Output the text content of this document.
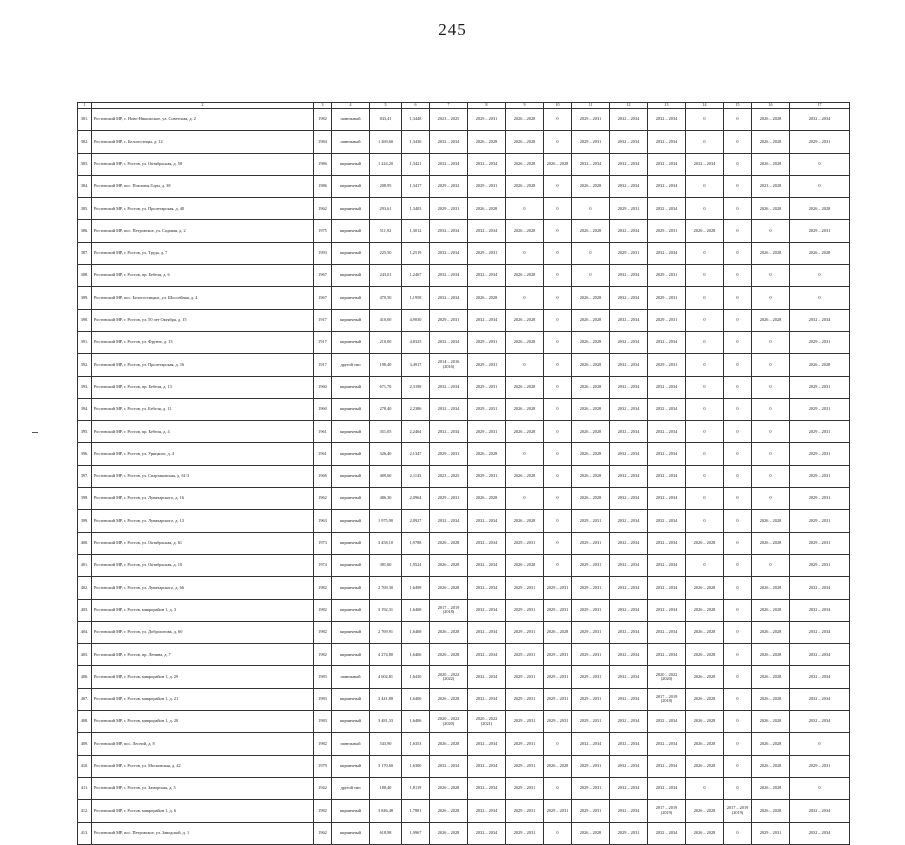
245
1	2	3	4	5	6	7	8	9	10	11	12	13	14	15	16	17
381.	Ростовский МР, с. Ново-Никольское, ул. Советская, д. 2	1982	панельный	843,41	1,3448	2023 – 2025	2029 – 2031	2026 – 2028	0	2029 – 2031	2032 – 2034	2032 – 2034	0	0	2026 – 2028	2032 – 2034
382.	Ростовский МР, с. Белогостицы, д. 12	1984	панельный	1 269,60	1,3436	2032 – 2034	2026 – 2028	2026 – 2028	0	2029 – 2031	2032 – 2034	2032 – 2034	0	0	2026 – 2028	2029 – 2031
383.	Ростовский МР, г. Ростов, ул. Октябрьская, д. 58	1986	кирпичный	1 224,20	1,3421	2032 – 2034	2032 – 2034	2026 – 2028	2026 – 2028	2032 – 2034	2032 – 2034	2032 – 2034	2032 – 2034	0	2026 – 2028	0
384.	Ростовский МР, пос. Поклоны Горы, д. 38	1986	кирпичный	208,95	1,3417	2029 – 2032	2029 – 2031	2026 – 2028	0	2026 – 2028	2032 – 2034	2032 – 2034	0	0	2023 – 2028	0
385.	Ростовский МР, г. Ростов, ул. Пролетарская, д. 40	1962	кирпичный	293,61	1,3403	2029 – 2031	2026 – 2028	0	0	0	2029 – 2031	2032 – 2034	0	0	2026 – 2028	2026 – 2028
386.	Ростовский МР, пос. Петровское, ул. Садовая, д. 2	1975	кирпичный	511,92	1,3012	2032 – 2034	2032 – 2034	2026 – 2028	0	2026 – 2028	2032 – 2034	2029 – 2031	2026 – 2028	0	0	2029 – 2031
387.	Ростовский МР, г. Ростов, ул. Труда, д. 7	1993	кирпичный	225,50	1,2519	2032 – 2034	2029 – 2031	0	0	0	2029 – 2031	2032 – 2034	0	0	2026 – 2028	2026 – 2028
388.	Ростовский МР, г. Ростов, пр. Бебеля, д. 6	1967	кирпичный	243,01	1,2467	2032 – 2034	2032 – 2034	2026 – 2028	0	0	2032 – 2034	2029 – 2031	0	0	0	0
389.	Ростовский МР, пос. Белогостицкое, ул. Шоссейная, д. 4	1967	кирпичный	470,50	1,1958	2032 – 2034	2026 – 2028	0	0	2026 – 2028	2032 – 2034	2029 – 2031	0	0	0	0
390.	Ростовский МР, г. Ростов, ул. 50 лет Октября, д. 15	1917	кирпичный	410,00	4,9030	2029 – 2031	2032 – 2034	2026 – 2028	0	2026 – 2028	2032 – 2034	2029 – 2031	0	0	2026 – 2028	2032 – 2034
391.	Ростовский МР, г. Ростов, ул. Фрунзе, д. 13	1917	кирпичный	210,00	4,8325	2032 – 2034	2029 – 2031	2026 – 2028	0	2026 – 2028	2032 – 2034	2032 – 2034	0	0	0	2029 – 2031
392.	Ростовский МР, г. Ростов, ул. Пролетарская, д. 16	1917	другой тип	198,40	3,4917	2014 – 2016
(2016)	2029 – 2031	0	0	2026 – 2028	2032 – 2034	2029 – 2031	0	0	0	2026 – 2028
393.	Ростовский МР, г. Ростов, пр. Бебеля, д. 13	1960	кирпичный	671,70	2,3198	2032 – 2034	2029 – 2031	2026 – 2028	0	2026 – 2028	2032 – 2034	2032 – 2034	0	0	0	2029 – 2031
394.	Ростовский МР, г. Ростов, ул. Бебеля, д. 11	1960	кирпичный	278,40	2,2386	2032 – 2034	2029 – 2031	2026 – 2028	0	2026 – 2028	2032 – 2034	2032 – 2034	0	0	0	2029 – 2031
395.	Ростовский МР, г. Ростов, пр. Бебеля, д. 4	1961	кирпичный	351,05	2,2464	2032 – 2034	2029 – 2031	2026 – 2028	0	2026 – 2028	2032 – 2034	2032 – 2034	0	0	0	2029 – 2031
396.	Ростовский МР, г. Ростов, ул. Урицкого, д. 4	1961	кирпичный	326,40	2,1347	2029 – 2031	2026 – 2028	0	0	2026 – 2028	2032 – 2034	2032 – 2034	0	0	0	2029 – 2031
397.	Ростовский МР, г. Ростов, ул. Спартаковская, д. 61/3	1966	кирпичный	409,60	2,1143	2023 – 2025	2029 – 2031	2026 – 2028	0	2026 – 2028	2032 – 2034	2032 – 2034	0	0	0	2029 – 2031
398.	Ростовский МР, г. Ростов, ул. Луначарского, д. 16	1962	кирпичный	486,30	2,0964	2029 – 2031	2026 – 2028	0	0	2026 – 2028	2032 – 2034	2032 – 2034	0	0	0	2029 – 2031
399.	Ростовский МР, г. Ростов, ул. Луначарского, д. 13	1963	кирпичный	1 975,90	2,0927	2032 – 2034	2032 – 2034	2026 – 2028	0	2029 – 2031	2032 – 2034	2032 – 2034	0	0	2026 – 2028	2029 – 2031
400.	Ростовский МР, г. Ростов, ул. Октябрьская, д. 61	1973	кирпичный	3 458,10	1,9788	2026 – 2028	2032 – 2034	2029 – 2031	0	2029 – 2031	2032 – 2034	2032 – 2034	2026 – 2028	0	2026 – 2028	2029 – 2031
401.	Ростовский МР, г. Ростов, ул. Октябрьская, д. 10	1974	кирпичный	381,60	1,9524	2026 – 2028	2032 – 2034	2026 – 2028	0	2029 – 2031	2032 – 2034	2032 – 2034	0	0	0	2029 – 2031
402.	Ростовский МР, г. Ростов, ул. Луначарского, д. 66	1982	кирпичный	2 769,30	1,6498	2026 – 2028	2032 – 2034	2029 – 2031	2029 – 2031	2029 – 2031	2032 – 2034	2032 – 2034	2026 – 2028	0	2026 – 2028	2032 – 2034
403.	Ростовский МР, г. Ростов, микрорайон 1, д. 3	1982	кирпичный	3 192,31	1,6468	2017 – 2019
(2018)	2032 – 2034	2029 – 2031	2029 – 2031	2029 – 2031	2032 – 2034	2032 – 2034	2026 – 2028	0	2026 – 2028	2032 – 2034
404.	Ростовский МР, г. Ростов, ул. Доброхотова, д. 60	1982	кирпичный	2 769,91	1,6468	2026 – 2028	2032 – 2034	2029 – 2031	2026 – 2028	2029 – 2031	2032 – 2034	2032 – 2034	2026 – 2028	0	2026 – 2028	2032 – 2034
405.	Ростовский МР, г. Ростов, пр. Ленина, д. 7	1982	кирпичный	4 274,80	1,6466	2026 – 2028	2032 – 2034	2029 – 2031	2029 – 2031	2029 – 2031	2032 – 2034	2032 – 2034	2026 – 2028	0	2026 – 2028	2032 – 2034
406.	Ростовский МР, г. Ростов, микрорайон 1, д. 29	1983	панельный	4 602,81	1,6430	2020 – 2022
(2022)	2032 – 2034	2029 – 2031	2029 – 2031	2029 – 2031	2032 – 2034	2020 – 2022
(2020)	2026 – 2028	0	2026 – 2028	2032 – 2034
407.	Ростовский МР, г. Ростов, микрорайон 1, д. 21	1983	кирпичный	3 441,88	1,6406	2026 – 2028	2032 – 2034	2029 – 2031	2029 – 2031	2029 – 2031	2032 – 2034	2017 – 2019
(2018)	2026 – 2028	0	2026 – 2028	2032 – 2034
408.	Ростовский МР, г. Ростов, микрорайон 1, д. 20	1983	кирпичный	3 481,33	1,6406	2020 – 2022
(2020)	2020 – 2022
(2021)	2029 – 2031	2029 – 2031	2029 – 2031	2032 – 2034	2032 – 2034	2026 – 2028	0	2026 – 2028	2032 – 2034
409.	Ростовский МР, пос. Лесной, д. 8	1982	панельный	543,90	1,6353	2026 – 2028	2032 – 2034	2029 – 2031	0	2032 – 2034	2032 – 2034	2032 – 2034	2026 – 2028	0	2026 – 2028	0
410.	Ростовский МР, г. Ростов, ул. Московская, д. 42	1979	кирпичный	3 170,60	1,6300	2032 – 2034	2032 – 2034	2029 – 2031	2026 – 2028	2029 – 2031	2032 – 2034	2032 – 2034	2026 – 2028	0	2026 – 2028	2029 – 2031
411.	Ростовский МР, г. Ростов, ул. Заморская, д. 5	1942	другой тип	188,40	1,8119	2026 – 2028	2032 – 2034	2029 – 2031	0	2029 – 2031	2032 – 2034	2032 – 2034	0	0	2026 – 2028	0
412.	Ростовский МР, г. Ростов, микрорайон 1, д. 6	1982	кирпичный	3 846,48	1,7881	2026 – 2028	2032 – 2034	2029 – 2031	2029 – 2031	2029 – 2031	2032 – 2034	2017 – 2019
(2019)	2026 – 2028	2017 – 2019
(2019)	2026 – 2028	2032 – 2034
413.	Ростовский МР, пос. Петровское, ул. Заводской, д. 1	1962	кирпичный	618,98	1,9967	2026 – 2028	2032 – 2034	2029 – 2031	0	2026 – 2028	2029 – 2031	2032 – 2034	2026 – 2028	0	2029 – 2031	2032 – 2034
